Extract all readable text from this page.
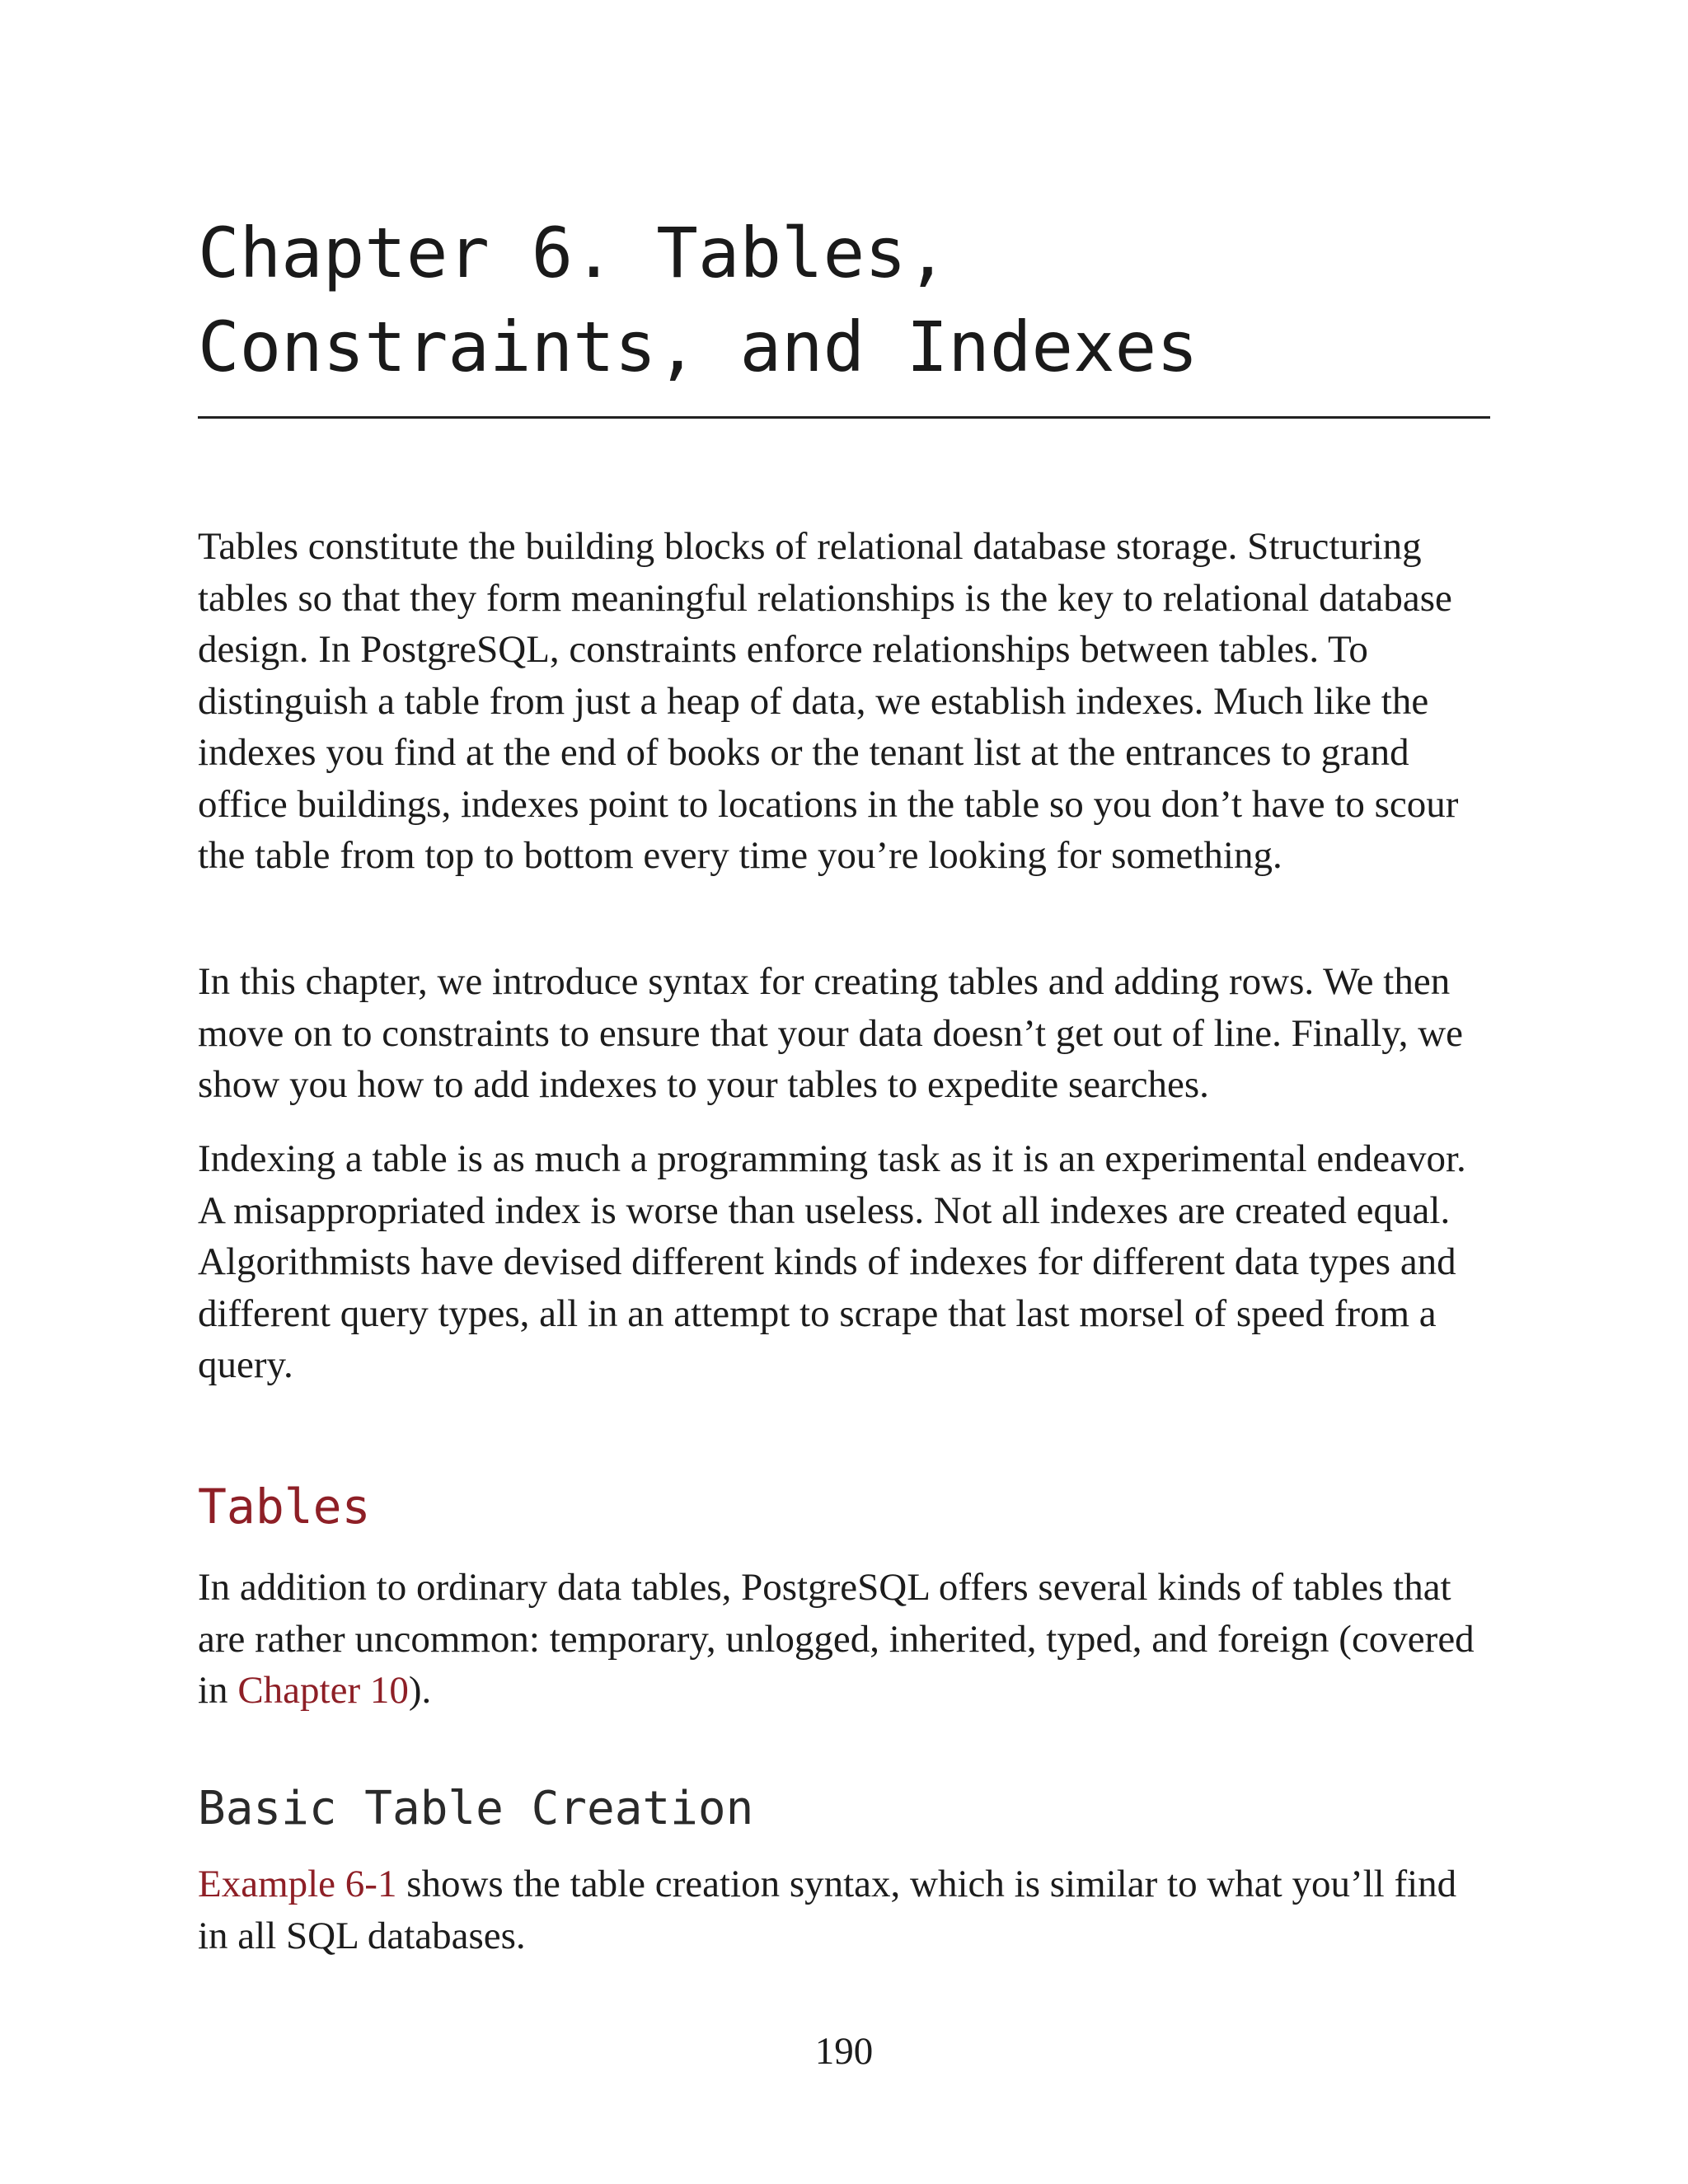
Chapter 6. Tables,
Constraints, and Indexes

Tables constitute the building blocks of relational database storage. Structuring tables so that they form meaningful relationships is the key to relational database design. In PostgreSQL, constraints enforce relationships between tables. To distinguish a table from just a heap of data, we establish indexes. Much like the indexes you find at the end of books or the tenant list at the entrances to grand office buildings, indexes point to locations in the table so you don’t have to scour the table from top to bottom every time you’re looking for something.

In this chapter, we introduce syntax for creating tables and adding rows. We then move on to constraints to ensure that your data doesn’t get out of line. Finally, we show you how to add indexes to your tables to expedite searches.

Indexing a table is as much a programming task as it is an experimental endeavor. A misappropriated index is worse than useless. Not all indexes are created equal. Algorithmists have devised different kinds of indexes for different data types and different query types, all in an attempt to scrape that last morsel of speed from a query.

Tables

In addition to ordinary data tables, PostgreSQL offers several kinds of tables that are rather uncommon: temporary, unlogged, inherited, typed, and foreign (covered in Chapter 10).

Basic Table Creation

Example 6-1 shows the table creation syntax, which is similar to what you’ll find in all SQL databases.

190
